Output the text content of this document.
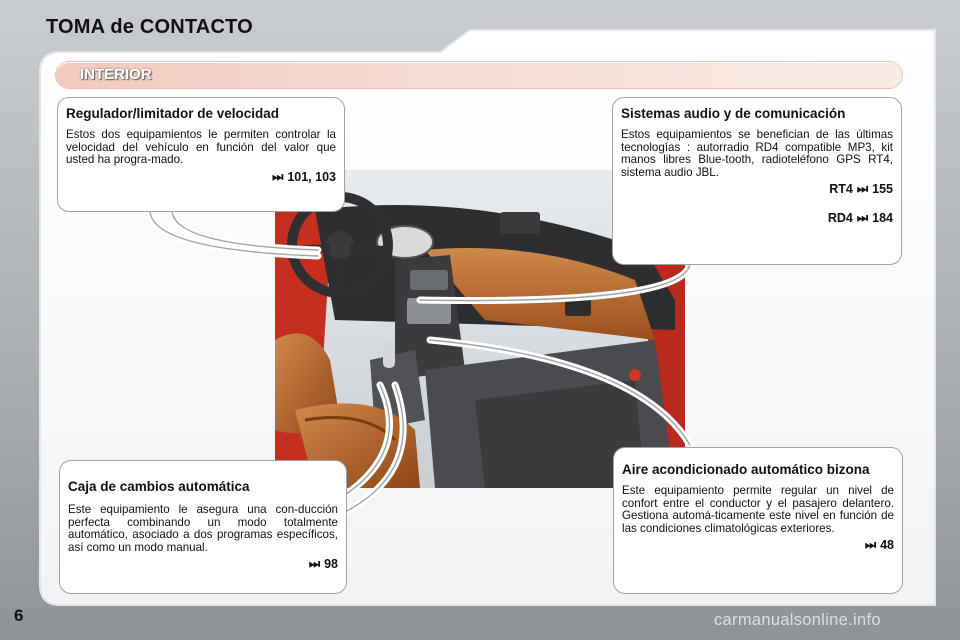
TOMA de CONTACTO
INTERIOR
Regulador/limitador de velocidad

Estos dos equipamientos le permiten controlar la velocidad del vehículo en función del valor que usted ha progra-mado.

⏭ 101, 103
Sistemas audio y de comunicación

Estos equipamientos se benefician de las últimas tecnologías : autorradio RD4 compatible MP3, kit manos libres Blue-tooth, radioteléfono GPS RT4, sistema audio JBL.

RT4 ⏭ 155
RD4 ⏭ 184
Caja de cambios automática

Este equipamiento le asegura una con-ducción perfecta combinando un modo totalmente automático, asociado a dos programas específicos, así como un modo manual.

⏭ 98
Aire acondicionado automático bizona

Este equipamiento permite regular un nivel de confort entre el conductor y el pasajero delantero. Gestiona automá-ticamente este nivel en función de las condiciones climatológicas exteriores.

⏭ 48
6	carmanualsonline.info
